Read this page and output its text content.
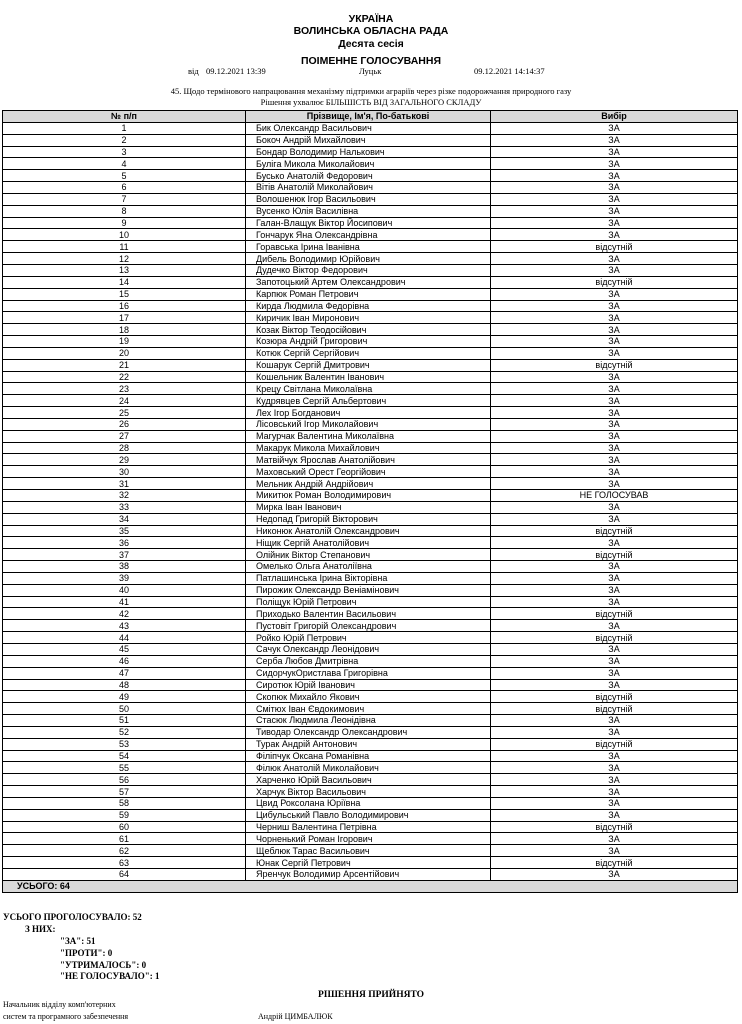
УКРАЇНА
ВОЛИНСЬКА ОБЛАСНА РАДА
Десята сесія
ПОІМЕННЕ ГОЛОСУВАННЯ
від 09.12.2021 13:39	Луцьк	09.12.2021 14:14:37
45. Щодо термінового напрацювання механізму підтримки аграріїв через різке подорожчання природного газу
Рішення ухвалює БІЛЬШІСТЬ ВІД ЗАГАЛЬНОГО СКЛАДУ
№ п/п	Прізвище, Ім'я, По-батькові	Вибір
1	Бик Олександр Васильович	ЗА
2	Бокоч Андрій Михайлович	ЗА
3	Бондар Володимир Налькович	ЗА
4	Булігa Микола Миколайович	ЗА
5	Бусько Анатолій Федорович	ЗА
6	Вітів Анатолій Миколайович	ЗА
7	Волошенюк Ігор Васильович	ЗА
8	Вусенко Юлія Василівна	ЗА
9	Галан-Влащук Віктор Йосипович	ЗА
10	Гончарук Яна Олександрівна	ЗА
11	Горавська Ірина Іванівна	відсутній
12	Дибель Володимир Юрійович	ЗА
13	Дудечко Віктор Федорович	ЗА
14	Запотоцький Артем Олександрович	відсутній
15	Карпюк Роман Петрович	ЗА
16	Кирда Людмила Федорівна	ЗА
17	Киричик Іван Миронович	ЗА
18	Козак Віктор Теодосійович	ЗА
19	Козюра Андрій Григорович	ЗА
20	Котюк Сергій Сергійович	ЗА
21	Кошарук Сергій Дмитрович	відсутній
22	Кошельник Валентин Іванович	ЗА
23	Крецу Світлана Миколаївна	ЗА
24	Кудрявцев Сергій Альбертович	ЗА
25	Лех Ігор Богданович	ЗА
26	Лісовський Ігор Миколайович	ЗА
27	Магурчак Валентина Миколаївна	ЗА
28	Макарук Микола Михайлович	ЗА
29	Матвійчук Ярослав Анатолійович	ЗА
30	Маховський Орест Георгійович	ЗА
31	Мельник Андрій Андрійович	ЗА
32	Микитюк Роман Володимирович	НЕ ГОЛОСУВАВ
33	Мирка Іван Іванович	ЗА
34	Недопад Григорій Вікторович	ЗА
35	Никонюк Анатолій Олександрович	відсутній
36	Ніщик Сергій Анатолійович	ЗА
37	Олійник Віктор Степанович	відсутній
38	Омелько Ольга Анатоліївна	ЗА
39	Патлашинська Ірина Вікторівна	ЗА
40	Пирожик Олександр Веніамінович	ЗА
41	Поліщук Юрій Петрович	ЗА
42	Приходько Валентин Васильович	відсутній
43	Пустовіт Григорій Олександрович	ЗА
44	Ройко Юрій Петрович	відсутній
45	Сачук Олександр Леонідович	ЗА
46	Серба Любов Дмитрівна	ЗА
47	СидорчукОристлава Григорівна	ЗА
48	Сиротюк Юрій Іванович	ЗА
49	Скопюк Михайло Якович	відсутній
50	Смітюх Іван Євдокимович	відсутній
51	Стасюк Людмила Леонідівна	ЗА
52	Тиводар Олександр Олександрович	ЗА
53	Турак Андрій Антонович	відсутній
54	Філіпчук Оксана Романівна	ЗА
55	Філюк Анатолій Миколайович	ЗА
56	Харченко Юрій Васильович	ЗА
57	Харчук Віктор Васильович	ЗА
58	Цвид Роксолана Юріївна	ЗА
59	Цибульський Павло Володимирович	ЗА
60	Черниш Валентина Петрівна	відсутній
61	Чорненький Роман Ігорович	ЗА
62	Щеблюк Тарас Васильович	ЗА
63	Юнак Сергій Петрович	відсутній
64	Яренчук Володимир Арсентійович	ЗА
УСЬОГО: 64		
УСЬОГО ПРОГОЛОСУВАЛО: 52
З НИХ:
"ЗА": 51
"ПРОТИ": 0
"УТРИМАЛОСЬ": 0
"НЕ ГОЛОСУВАЛО": 1
РІШЕННЯ ПРИЙНЯТО
Начальник відділу комп'ютерних
систем та програмного забезпечення	Андрій ЦИМБАЛЮК
